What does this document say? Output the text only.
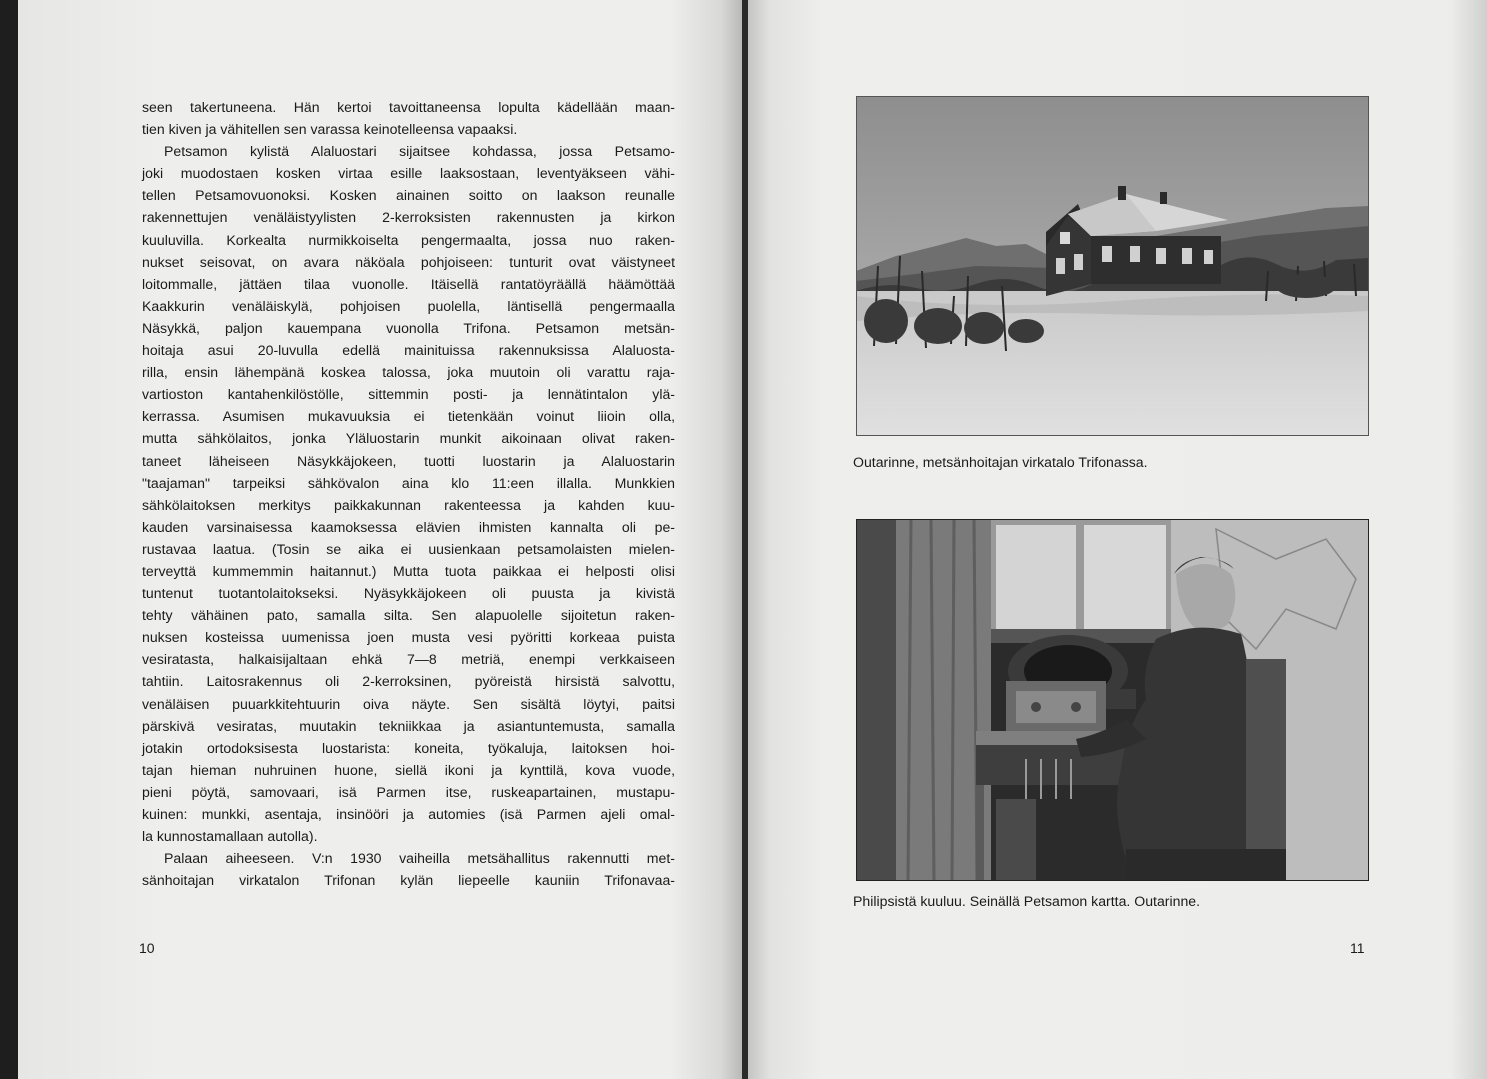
seen takertuneena. Hän kertoi tavoittaneensa lopulta kädellään maan-
tien kiven ja vähitellen sen varassa keinotelleensa vapaaksi.
Petsamon kylistä Alaluostari sijaitsee kohdassa, jossa Petsamo-
joki muodostaen kosken virtaa esille laaksostaan, leventyäkseen vähi-
tellen Petsamovuonoksi. Kosken ainainen soitto on laakson reunalle
rakennettujen venäläistyylisten 2-kerroksisten rakennusten ja kirkon
kuuluvilla. Korkealta nurmikkoiselta pengermaalta, jossa nuo raken-
nukset seisovat, on avara näköala pohjoiseen: tunturit ovat väistyneet
loitommalle, jättäen tilaa vuonolle. Itäisellä rantatöyräällä häämöttää
Kaakkurin venäläiskylä, pohjoisen puolella, läntisellä pengermaalla
Näsykkä, paljon kauempana vuonolla Trifona. Petsamon metsän-
hoitaja asui 20-luvulla edellä mainituissa rakennuksissa Alaluosta-
rilla, ensin lähempänä koskea talossa, joka muutoin oli varattu raja-
vartioston kantahenkilöstölle, sittemmin posti- ja lennätintalon ylä-
kerrassa. Asumisen mukavuuksia ei tietenkään voinut liioin olla,
mutta sähkölaitos, jonka Yläluostarin munkit aikoinaan olivat raken-
taneet läheiseen Näsykkäjokeen, tuotti luostarin ja Alaluostarin
"taajaman" tarpeiksi sähkövalon aina klo 11:een illalla. Munkkien
sähkölaitoksen merkitys paikkakunnan rakenteessa ja kahden kuu-
kauden varsinaisessa kaamoksessa elävien ihmisten kannalta oli pe-
rustavaa laatua. (Tosin se aika ei uusienkaan petsamolaisten mielen-
terveyttä kummemmin haitannut.) Mutta tuota paikkaa ei helposti olisi
tuntenut tuotantolaitokseksi. Nyäsykkäjokeen oli puusta ja kivistä
tehty vähäinen pato, samalla silta. Sen alapuolelle sijoitetun raken-
nuksen kosteissa uumenissa joen musta vesi pyöritti korkeaa puista
vesiratasta, halkaisijaltaan ehkä 7—8 metriä, enempi verkkaiseen
tahtiin. Laitosrakennus oli 2-kerroksinen, pyöreistä hirsistä salvottu,
venäläisen puuarkkitehtuurin oiva näyte. Sen sisältä löytyi, paitsi
pärskivä vesiratas, muutakin tekniikkaa ja asiantuntemusta, samalla
jotakin ortodoksisesta luostarista: koneita, työkaluja, laitoksen hoi-
tajan hieman nuhruinen huone, siellä ikoni ja kynttilä, kova vuode,
pieni pöytä, samovaari, isä Parmen itse, ruskeapartainen, mustapu-
kuinen: munkki, asentaja, insinööri ja automies (isä Parmen ajeli omal-
la kunnostamallaan autolla).
Palaan aiheeseen. V:n 1930 vaiheilla metsähallitus rakennutti met-
sänhoitajan virkatalon Trifonan kylän liepeelle kauniin Trifonavaa-
10
Outarinne, metsänhoitajan virkatalo Trifonassa.
Philipsistä kuuluu. Seinällä Petsamon kartta. Outarinne.
11
